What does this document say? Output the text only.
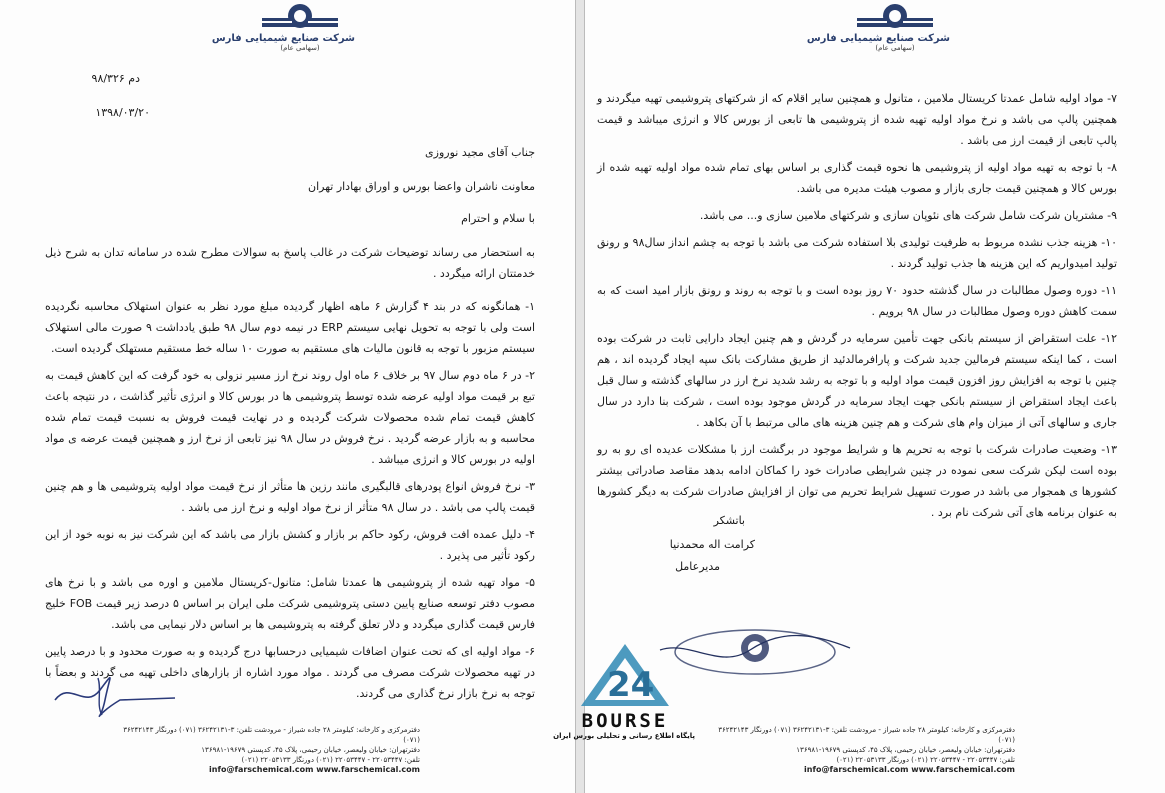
شرکت صنایع شیمیایی فارس
(سهامی عام)
دم ۹۸/۳۲۶
۱۳۹۸/۰۳/۲۰
جناب آقای مجید نوروزی
معاونت ناشران واعضا بورس و اوراق بهادار تهران
با سلام و احترام

به استحضار می رساند توضیحات شرکت در غالب پاسخ به سوالات مطرح شده در سامانه تدان به شرح ذیل خدمتتان ارائه میگردد .

۱- همانگونه که در بند ۴ گزارش ۶ ماهه اظهار گردیده مبلغ مورد نظر به عنوان استهلاک محاسبه نگردیده است ولی با توجه به تحویل نهایی سیستم ERP در نیمه دوم سال ۹۸ طبق یادداشت ۹ صورت مالی استهلاک سیستم مزبور با توجه به قانون مالیات های مستقیم به صورت ۱۰ ساله خط مستقیم مستهلک گردیده است.

۲- در ۶ ماه دوم سال ۹۷ بر خلاف ۶ ماه اول روند نرخ ارز مسیر نزولی به خود گرفت که این کاهش قیمت به تبع بر قیمت مواد اولیه عرضه شده توسط پتروشیمی ها در بورس کالا و انرژی تأثیر گذاشت ، در نتیجه باعث کاهش قیمت تمام شده محصولات شرکت گردیده و در نهایت قیمت فروش به نسبت قیمت تمام شده محاسبه و به بازار عرضه گردید . نرخ فروش در سال ۹۸ نیز تابعی از نرخ ارز و همچنین قیمت عرضه ی مواد اولیه در بورس کالا و انرژی میباشد .

۳- نرخ فروش انواع پودرهای قالبگیری مانند رزین ها متأثر از نرخ قیمت مواد اولیه پتروشیمی ها و هم چنین قیمت پالپ می باشد . در سال ۹۸ متأثر از نرخ مواد اولیه و نرخ ارز می باشد .

۴- دلیل عمده افت فروش، رکود حاکم بر بازار و کشش بازار می باشد که این شرکت نیز به نوبه خود از این رکود تأثیر می پذیرد .

۵- مواد تهیه شده از پتروشیمی ها عمدتا شامل: متانول-کریستال ملامین و اوره می باشد و با نرخ های مصوب دفتر توسعه صنایع پایین دستی پتروشیمی شرکت ملی ایران بر اساس ۵ درصد زیر قیمت FOB خلیج فارس قیمت گذاری میگردد و دلار تعلق گرفته به پتروشیمی ها بر اساس دلار نیمایی می باشد.

۶- مواد اولیه ای که تحت عنوان اضافات شیمیایی درحسابها درج گردیده و به صورت محدود و با درصد پایین در تهیه محصولات شرکت مصرف می گردند . مواد مورد اشاره از بازارهای داخلی تهیه می گردند و بعضاً با توجه به نرخ بازار نرخ گذاری می گردند.

دفترمرکزی و کارخانه: کیلومتر ۲۸ جاده شیراز - مرودشت تلفن: ۳-۳۶۲۴۲۱۳۱ (۰۷۱) دورنگار ۳۶۲۴۲۱۴۳ (۰۷۱)
دفترتهران: خیابان ولیعصر، خیابان رحیمی، پلاک ۴۵، کدپستی ۱۹۶۷۹-۱۳۶۹۸۱
تلفن: ۲۲۰۵۳۴۴۷ - ۲۲۰۵۳۴۴۷ (۰۲۱) دورنگار ۲۲۰۵۳۱۳۳ (۰۲۱)
info@farschemical.com www.farschemical.com
شرکت صنایع شیمیایی فارس
(سهامی عام)

۷- مواد اولیه شامل عمدتا کریستال ملامین ، متانول و همچنین سایر اقلام که از شرکتهای پتروشیمی تهیه میگردند و همچنین پالپ می باشد و نرخ مواد اولیه تهیه شده از پتروشیمی ها تابعی از بورس کالا و انرژی میباشد و قیمت پالپ تابعی از قیمت ارز می باشد .

۸- با توجه به تهیه مواد اولیه از پتروشیمی ها نحوه قیمت گذاری بر اساس بهای تمام شده مواد اولیه تهیه شده از بورس کالا و همچنین قیمت جاری بازار و مصوب هیئت مدیره می باشد.

۹- مشتریان شرکت شامل شرکت های نئوپان سازی و شرکتهای ملامین سازی و... می باشد.

۱۰- هزینه جذب نشده مربوط به ظرفیت تولیدی بلا استفاده شرکت می باشد با توجه به چشم انداز سال۹۸ و رونق تولید امیدواریم که این هزینه ها جذب تولید گردند .

۱۱- دوره وصول مطالبات در سال گذشته حدود ۷۰ روز بوده است و با توجه به روند و رونق بازار امید است که به سمت کاهش دوره وصول مطالبات در سال ۹۸ برویم .

۱۲- علت استقراض از سیستم بانکی جهت تأمین سرمایه در گردش و هم چنین ایجاد دارایی ثابت در شرکت بوده است ، کما اینکه سیستم فرمالین جدید شرکت و پارافرمالدئید از طریق مشارکت بانک سپه ایجاد گردیده اند ، هم چنین با توجه به افزایش روز افزون قیمت مواد اولیه و با توجه به رشد شدید نرخ ارز در سالهای گذشته و سال قبل باعث ایجاد استقراض از سیستم بانکی جهت ایجاد سرمایه در گردش موجود بوده است ، شرکت بنا دارد در سال جاری و سالهای آتی از میزان وام های شرکت و هم چنین هزینه های مالی مرتبط با آن بکاهد .

۱۳- وضعیت صادرات شرکت با توجه به تحریم ها و شرایط موجود در برگشت ارز با مشکلات عدیده ای رو به رو بوده است لیکن شرکت سعی نموده در چنین شرایطی صادرات خود را کماکان ادامه بدهد مقاصد صادراتی بیشتر کشورها ی همجوار می باشد در صورت تسهیل شرایط تحریم می توان از افزایش صادرات شرکت به دیگر کشورها به عنوان برنامه های آتی شرکت نام برد .

باتشکر
کرامت اله محمدنیا
مدیرعامل
دفترمرکزی و کارخانه: کیلومتر ۲۸ جاده شیراز - مرودشت تلفن: ۳-۳۶۲۴۲۱۳۱ (۰۷۱) دورنگار ۳۶۲۴۲۱۴۳ (۰۷۱)
دفترتهران: خیابان ولیعصر، خیابان رحیمی، پلاک ۴۵، کدپستی ۱۹۶۷۹-۱۳۶۹۸۱
تلفن: ۲۲۰۵۳۴۴۷ - ۲۲۰۵۳۴۴۷ (۰۲۱) دورنگار ۲۲۰۵۳۱۳۳ (۰۲۱)
info@farschemical.com www.farschemical.com
24
BOURSE
پایگاه اطلاع رسانی و تحلیلی بورس ایران
